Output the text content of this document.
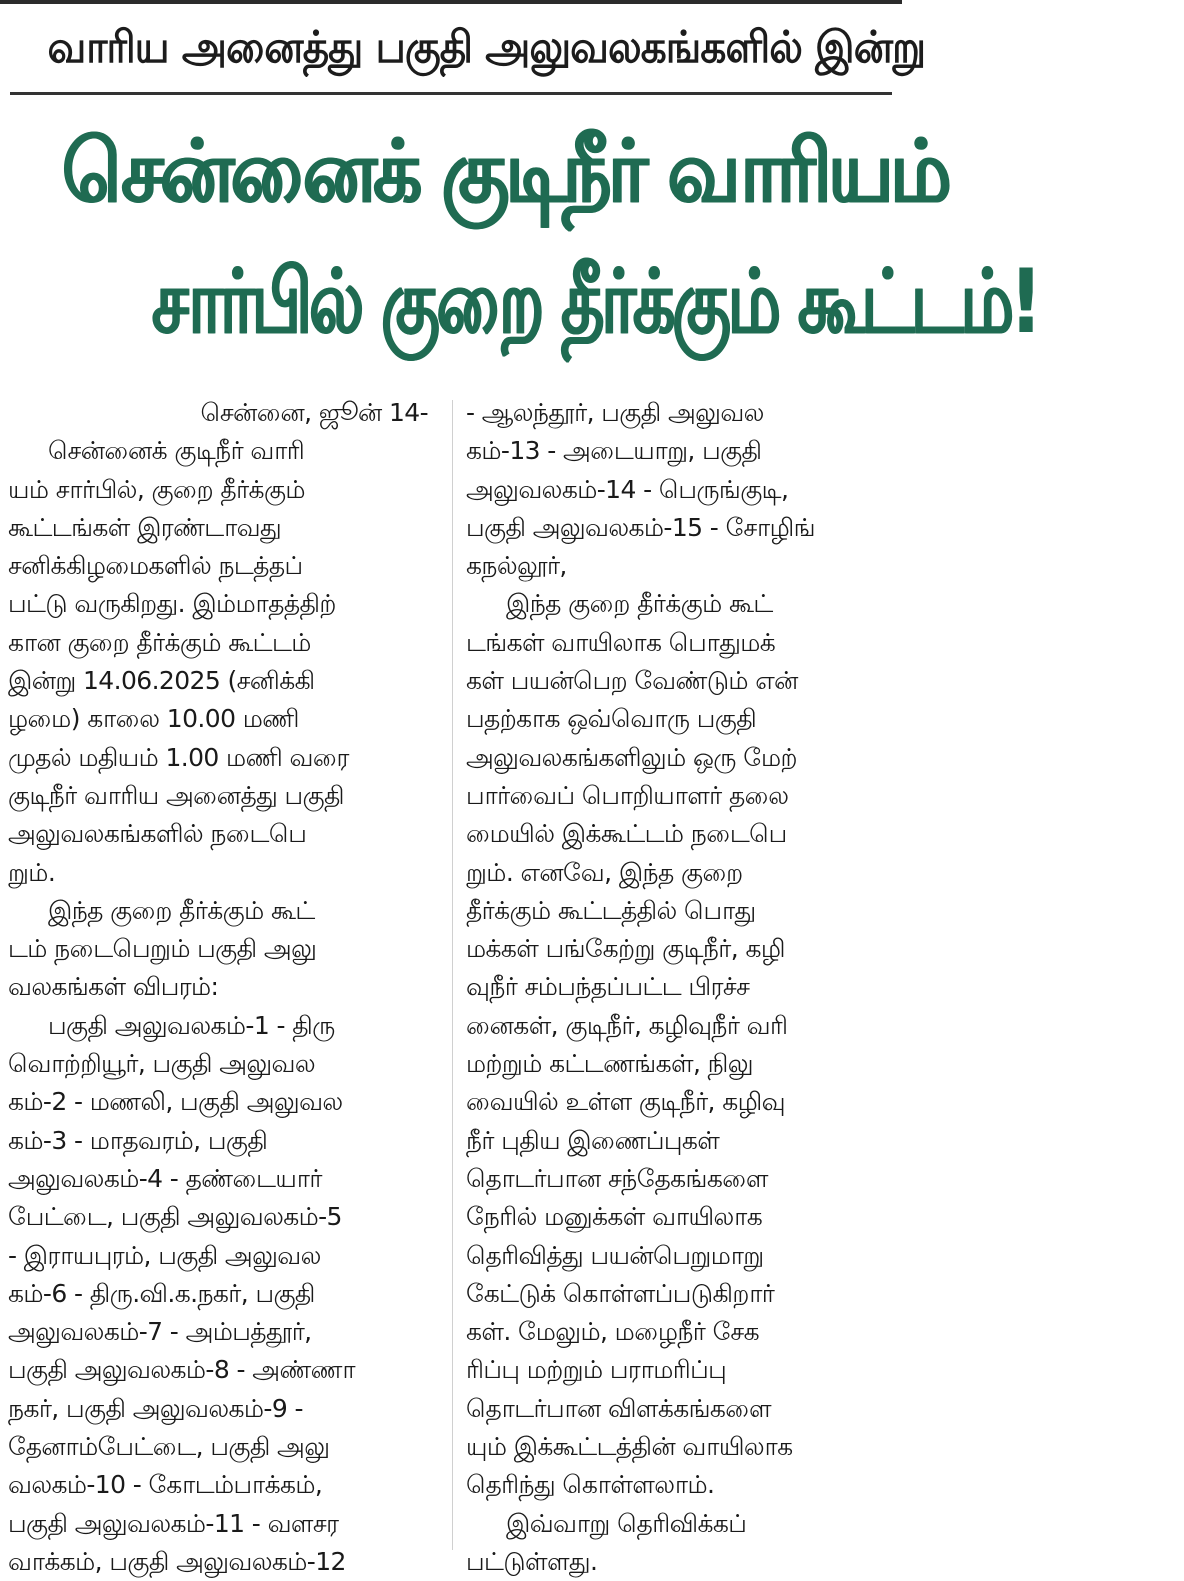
வாரிய அனைத்து பகுதி அலுவலகங்களில் இன்று
சென்னைக் குடிநீர் வாரியம்
சார்பில் குறை தீர்க்கும் கூட்டம்!
சென்னை, ஜூன் 14-
சென்னைக் குடிநீர் வாரி
யம் சார்பில், குறை தீர்க்கும்
கூட்டங்கள் இரண்டாவது
சனிக்கிழமைகளில் நடத்தப்
பட்டு வருகிறது. இம்மாதத்திற்
கான குறை தீர்க்கும் கூட்டம்
இன்று 14.06.2025 (சனிக்கி
ழமை) காலை 10.00 மணி
முதல் மதியம் 1.00 மணி வரை
குடிநீர் வாரிய அனைத்து பகுதி
அலுவலகங்களில் நடைபெ
றும்.
இந்த குறை தீர்க்கும் கூட்
டம் நடைபெறும் பகுதி அலு
வலகங்கள் விபரம்:
பகுதி அலுவலகம்-1 - திரு
வொற்றியூர், பகுதி அலுவல
கம்-2 - மணலி, பகுதி அலுவல
கம்-3 - மாதவரம், பகுதி
அலுவலகம்-4 - தண்டையார்
பேட்டை, பகுதி அலுவலகம்-5
- இராயபுரம், பகுதி அலுவல
கம்-6 - திரு.வி.க.நகர், பகுதி
அலுவலகம்-7 - அம்பத்தூர்,
பகுதி அலுவலகம்-8 - அண்ணா
நகர், பகுதி அலுவலகம்-9 -
தேனாம்பேட்டை, பகுதி அலு
வலகம்-10 - கோடம்பாக்கம்,
பகுதி அலுவலகம்-11 - வளசர
வாக்கம், பகுதி அலுவலகம்-12
- ஆலந்தூர், பகுதி அலுவல
கம்-13 - அடையாறு, பகுதி
அலுவலகம்-14 - பெருங்குடி,
பகுதி அலுவலகம்-15 - சோழிங்
கநல்லூர்,
இந்த குறை தீர்க்கும் கூட்
டங்கள் வாயிலாக பொதுமக்
கள் பயன்பெற வேண்டும் என்
பதற்காக ஒவ்வொரு பகுதி
அலுவலகங்களிலும் ஒரு மேற்
பார்வைப் பொறியாளர் தலை
மையில் இக்கூட்டம் நடைபெ
றும். எனவே, இந்த குறை
தீர்க்கும் கூட்டத்தில் பொது
மக்கள் பங்கேற்று குடிநீர், கழி
வுநீர் சம்பந்தப்பட்ட பிரச்ச
னைகள், குடிநீர், கழிவுநீர் வரி
மற்றும் கட்டணங்கள், நிலு
வையில் உள்ள குடிநீர், கழிவு
நீர் புதிய இணைப்புகள்
தொடர்பான சந்தேகங்களை
நேரில் மனுக்கள் வாயிலாக
தெரிவித்து பயன்பெறுமாறு
கேட்டுக் கொள்ளப்படுகிறார்
கள். மேலும், மழைநீர் சேக
ரிப்பு மற்றும் பராமரிப்பு
தொடர்பான விளக்கங்களை
யும் இக்கூட்டத்தின் வாயிலாக
தெரிந்து கொள்ளலாம்.
இவ்வாறு தெரிவிக்கப்
பட்டுள்ளது.
